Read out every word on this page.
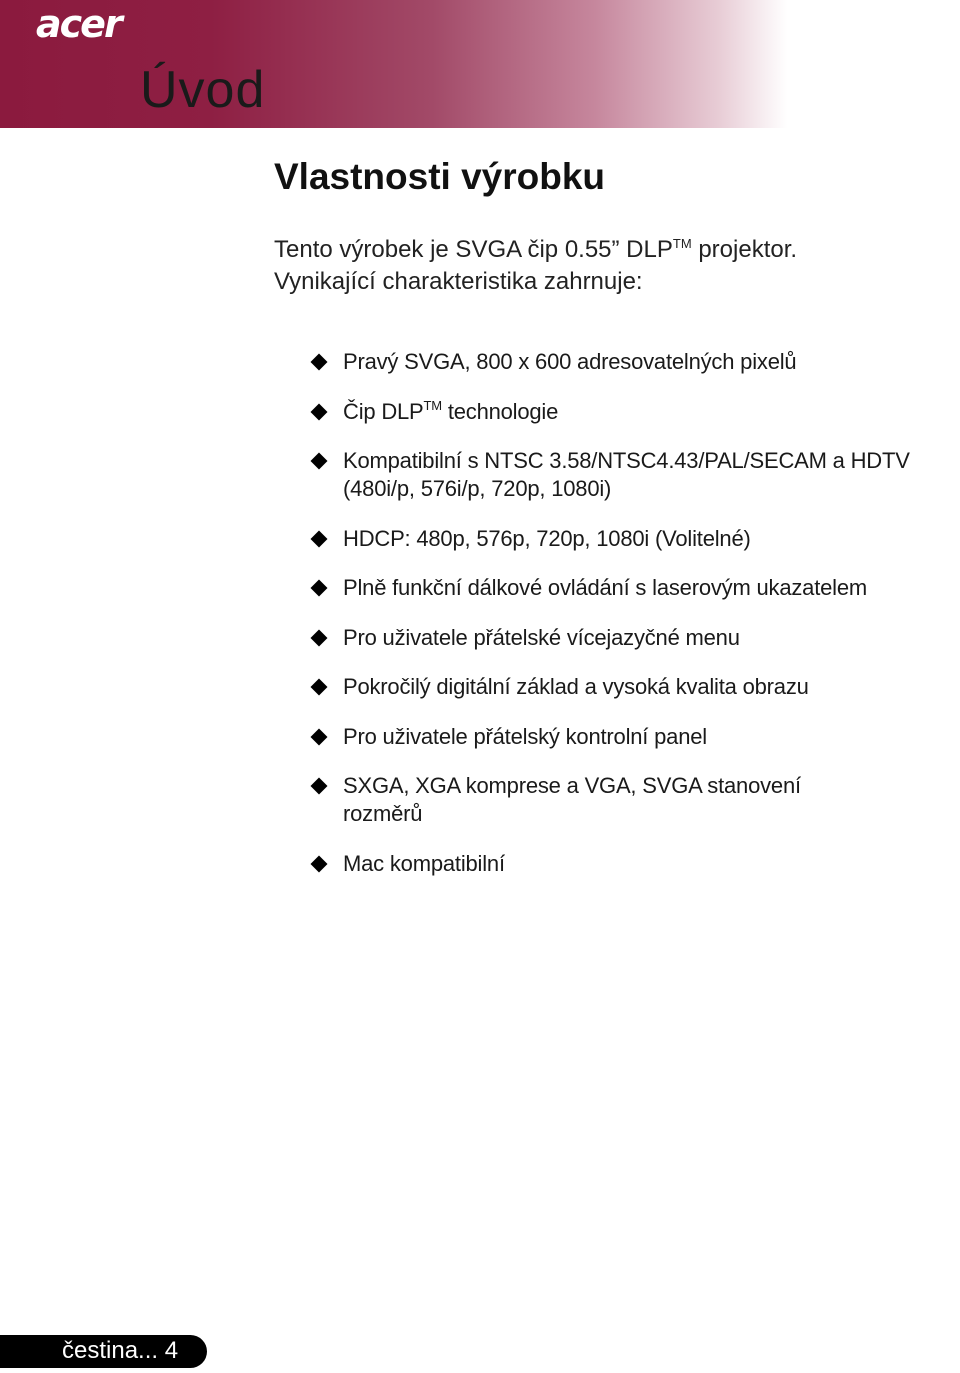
acer
Úvod
Vlastnosti výrobku

Tento výrobek je SVGA čip 0.55” DLP™ projektor.

Vynikající charakteristika zahrnuje:

Pravý SVGA, 800 x 600 adresovatelných pixelů
Čip DLP™ technologie
Kompatibilní s NTSC 3.58/NTSC4.43/PAL/SECAM a HDTV
(480i/p, 576i/p, 720p, 1080i)
HDCP: 480p, 576p, 720p, 1080i (Volitelné)
Plně funkční dálkové ovládání s laserovým ukazatelem
Pro uživatele přátelské vícejazyčné menu
Pokročilý digitální základ a vysoká kvalita obrazu
Pro uživatele přátelský kontrolní panel
SXGA, XGA komprese a VGA, SVGA stanovení
rozměrů
Mac kompatibilní
čestina... 4
